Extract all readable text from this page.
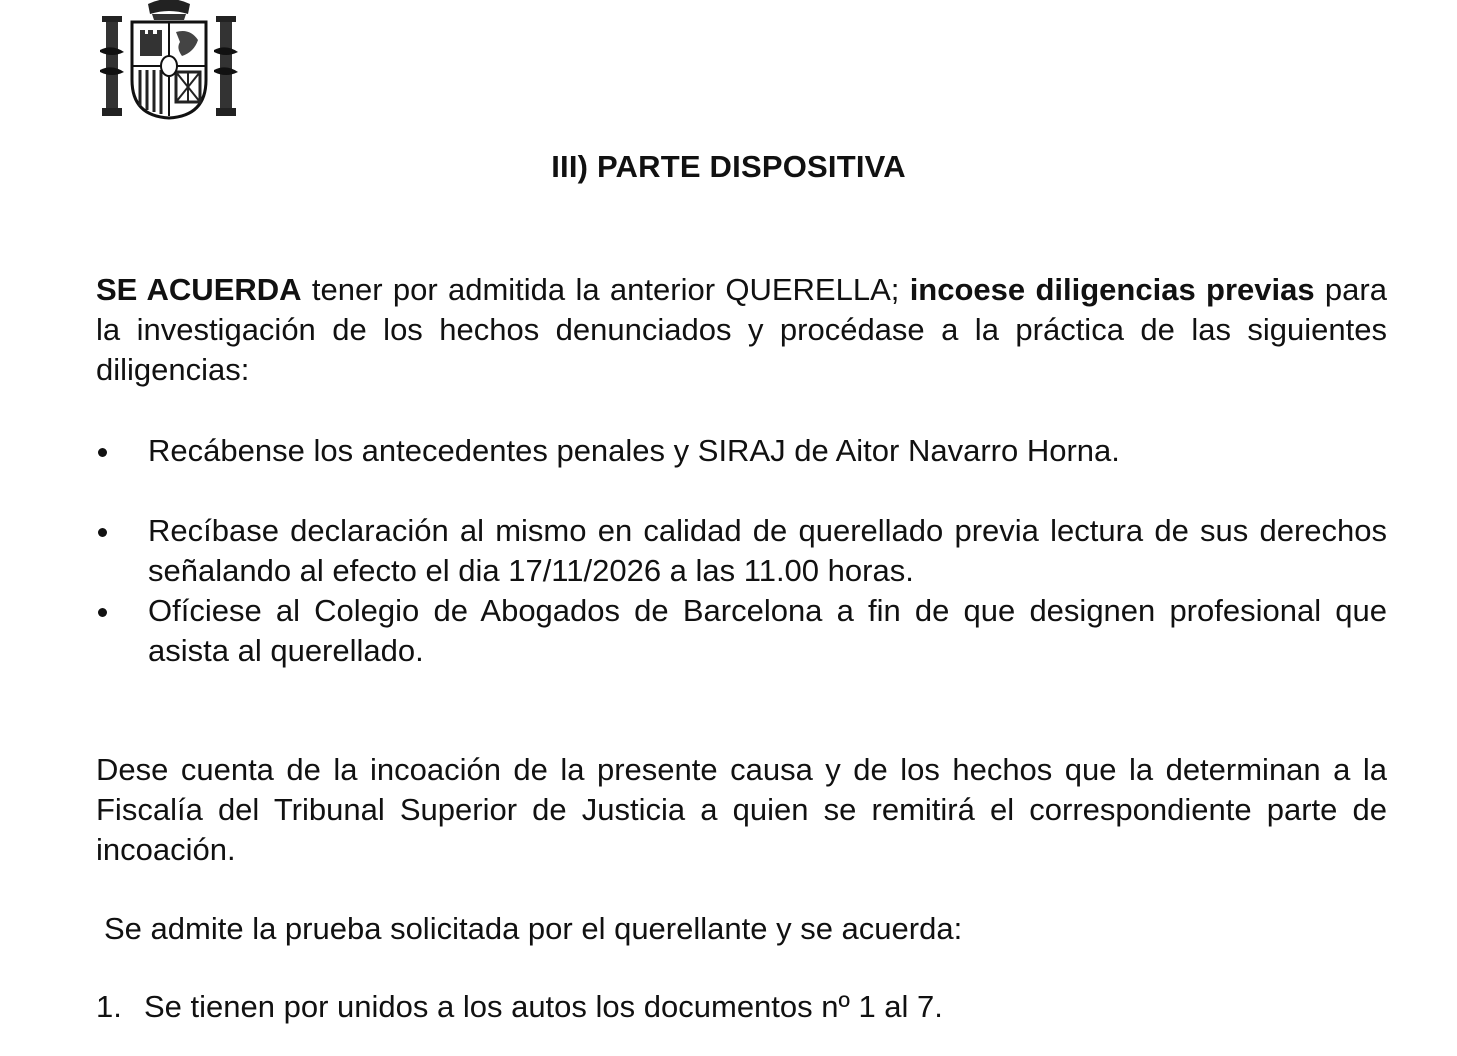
III) PARTE DISPOSITIVA

SE ACUERDA tener por admitida la anterior QUERELLA; incoese diligencias previas para la investigación de los hechos denunciados y procédase a la práctica de las siguientes diligencias:

Recábense los antecedentes penales y SIRAJ de Aitor Navarro Horna.
Recíbase declaración al mismo en calidad de querellado previa lectura de sus derechos señalando al efecto el dia 17/11/2026 a las 11.00 horas.
Ofíciese al Colegio de Abogados de Barcelona a fin de que designen profesional que asista al querellado.

Dese cuenta de la incoación de la presente causa y de los hechos que la determinan a la Fiscalía del Tribunal Superior de Justicia a quien se remitirá el correspondiente parte de incoación.

Se admite la prueba solicitada por el querellante y se acuerda:

1. Se tienen por unidos a los autos los documentos nº 1 al 7.
